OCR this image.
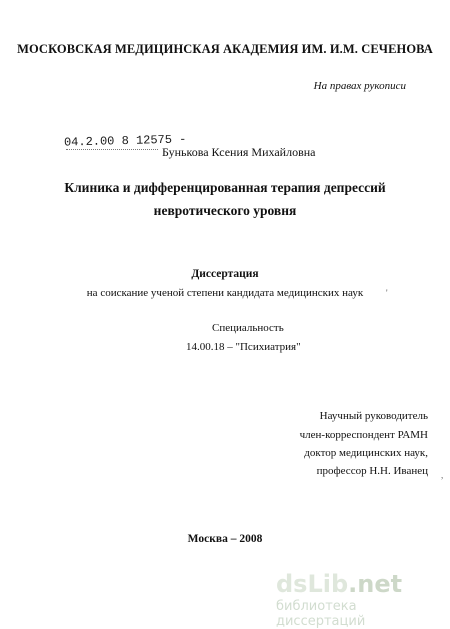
МОСКОВСКАЯ МЕДИЦИНСКАЯ АКАДЕМИЯ ИМ. И.М. СЕЧЕНОВА
На правах рукописи
04.2.00 8 12575 -
Бунькова Ксения Михайловна
Клиника и дифференцированная терапия депрессий
невротического уровня
Диссертация
на соискание ученой степени кандидата медицинских наук	'
Специальность
14.00.18 – "Психиатрия"
Научный руководитель
член-корреспондент РАМН
доктор медицинских наук,
профессор Н.Н. Иванец ,
Москва – 2008
dsLib.net
библиотека диссертаций
